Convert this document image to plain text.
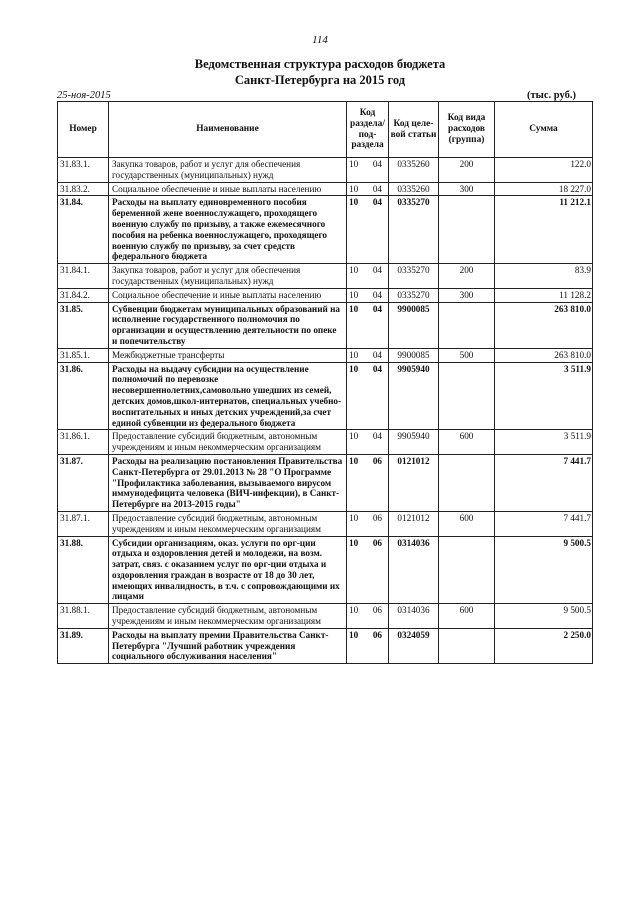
114
Ведомственная структура расходов бюджета
Санкт-Петербурга на 2015 год
25-ноя-2015	(тыс. руб.)
Номер	Наименование	Код раздела/ под-раздела	Код целе-вой статьи	Код вида расходов (группа)	Сумма
31.83.1.	Закупка товаров, работ и услуг для обеспечения государственных (муниципальных) нужд	10 04	0335260	200	122.0
31.83.2.	Социальное обеспечение и иные выплаты населению	10 04	0335260	300	18 227.0
31.84.	Расходы на выплату единовременного пособия беременной жене военнослужащего, проходящего военную службу по призыву, а также ежемесячного пособия на ребенка военнослужащего, проходящего военную службу по призыву, за счет средств федерального бюджета	10 04	0335270		11 212.1
31.84.1.	Закупка товаров, работ и услуг для обеспечения государственных (муниципальных) нужд	10 04	0335270	200	83.9
31.84.2.	Социальное обеспечение и иные выплаты населению	10 04	0335270	300	11 128.2
31.85.	Субвенции бюджетам муниципальных образований на исполнение государственного полномочия по организации и осуществлению деятельности по опеке и попечительству	10 04	9900085		263 810.0
31.85.1.	Межбюджетные трансферты	10 04	9900085	500	263 810.0
31.86.	Расходы на выдачу субсидии на осуществление полномочий по перевозке несовершеннолетних,самовольно ушедших из семей, детских домов,школ-интернатов, специальных учебно-воспитательных и иных детских учреждений,за счет единой субвенции из федерального бюджета	10 04	9905940		3 511.9
31.86.1.	Предоставление субсидий бюджетным, автономным учреждениям и иным некоммерческим организациям	10 04	9905940	600	3 511.9
31.87.	Расходы на реализацию постановления Правительства Санкт-Петербурга от 29.01.2013 № 28 "О Программе "Профилактика заболевания, вызываемого вирусом иммунодефицита человека (ВИЧ-инфекции), в Санкт-Петербурге на 2013-2015 годы"	10 06	0121012		7 441.7
31.87.1.	Предоставление субсидий бюджетным, автономным учреждениям и иным некоммерческим организациям	10 06	0121012	600	7 441.7
31.88.	Субсидии организациям, оказ. услуги по орг-ции отдыха и оздоровления детей и молодежи, на возм. затрат, связ. с оказанием услуг по орг-ции отдыха и оздоровления граждан в возрасте от 18 до 30 лет, имеющих инвалидность, в т.ч. с сопровождающими их лицами	10 06	0314036		9 500.5
31.88.1.	Предоставление субсидий бюджетным, автономным учреждениям и иным некоммерческим организациям	10 06	0314036	600	9 500.5
31.89.	Расходы на выплату премии Правительства Санкт-Петербурга "Лучший работник учреждения социального обслуживания населения"	10 06	0324059		2 250.0
